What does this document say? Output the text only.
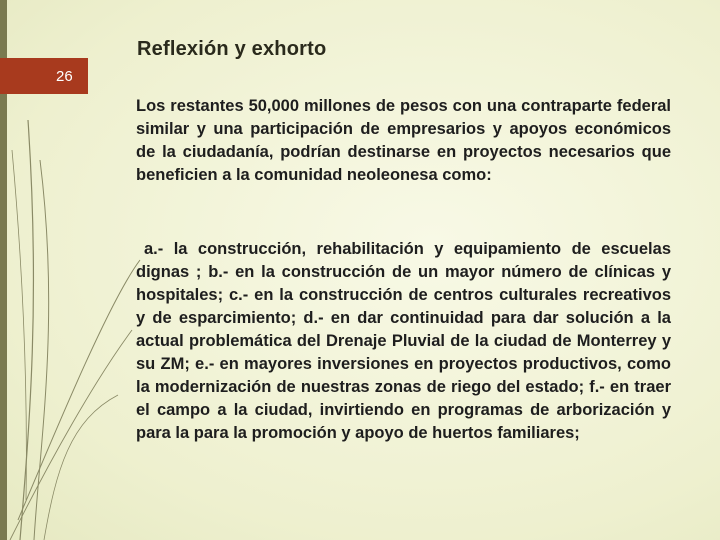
26
Reflexión y exhorto

Los restantes 50,000 millones de pesos con una contraparte federal similar y una participación de empresarios y apoyos económicos de la ciudadanía, podrían destinarse en proyectos necesarios que beneficien a la comunidad neoleonesa como:

a.- la construcción, rehabilitación y equipamiento de escuelas dignas ; b.- en la construcción de un mayor número de clínicas y hospitales; c.- en la construcción de centros culturales recreativos y de esparcimiento; d.- en dar continuidad para dar solución a la actual problemática del Drenaje Pluvial de la ciudad de Monterrey y su ZM; e.- en mayores inversiones en proyectos productivos, como la modernización de nuestras zonas de riego del estado; f.- en traer el campo a la ciudad, invirtiendo en programas de arborización y para la para la promoción y apoyo de huertos familiares;
